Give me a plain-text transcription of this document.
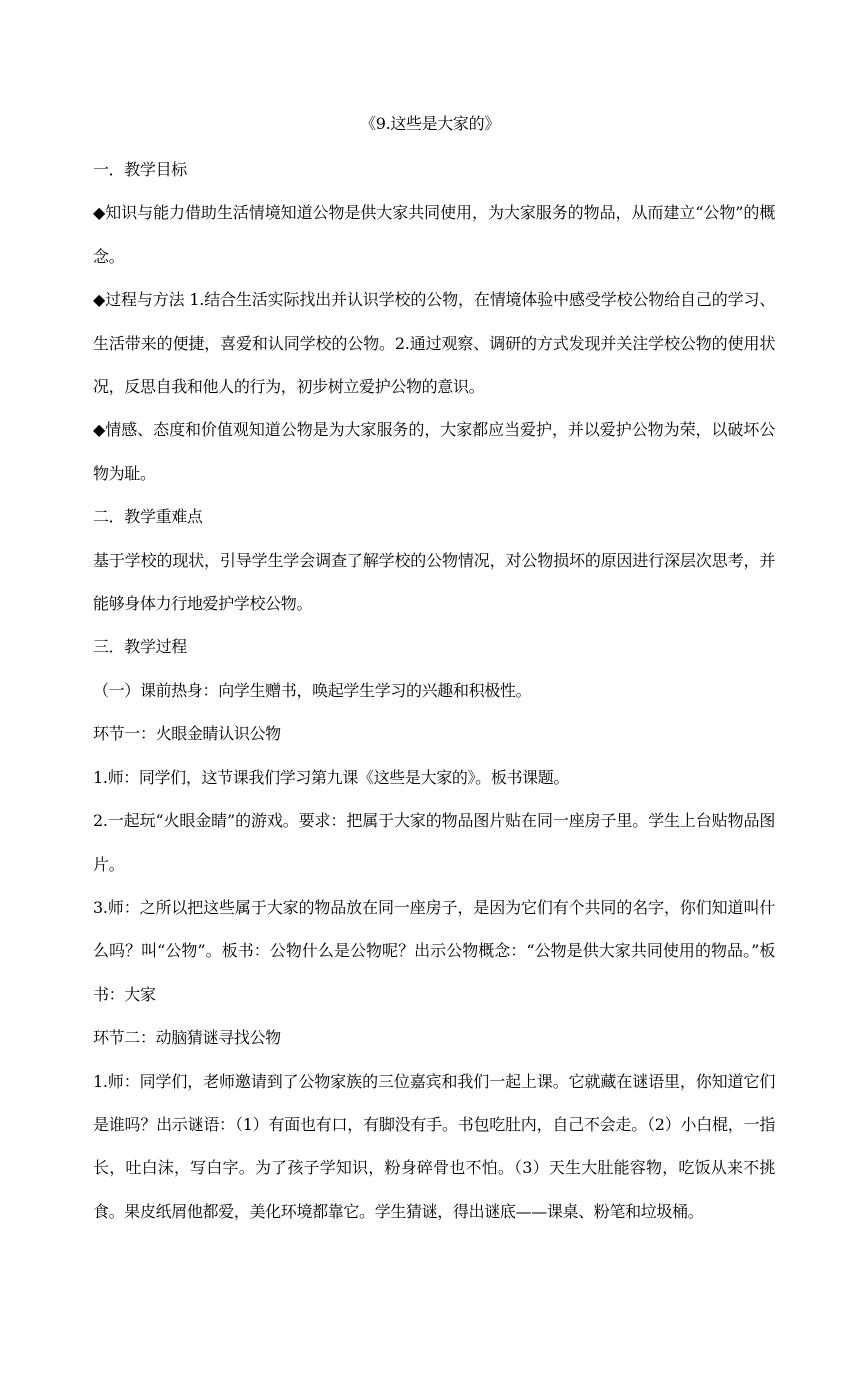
《9.这些是大家的》

一．教学目标

◆知识与能力借助生活情境知道公物是供大家共同使用，为大家服务的物品，从而建立“公物”的概念。

◆过程与方法 1.结合生活实际找出并认识学校的公物，在情境体验中感受学校公物给自己的学习、生活带来的便捷，喜爱和认同学校的公物。2.通过观察、调研的方式发现并关注学校公物的使用状况，反思自我和他人的行为，初步树立爱护公物的意识。

◆情感、态度和价值观知道公物是为大家服务的，大家都应当爱护，并以爱护公物为荣，以破坏公物为耻。

二．教学重难点

基于学校的现状，引导学生学会调查了解学校的公物情况，对公物损坏的原因进行深层次思考，并能够身体力行地爱护学校公物。

三．教学过程

（一）课前热身：向学生赠书，唤起学生学习的兴趣和积极性。

环节一：火眼金睛认识公物

1.师：同学们，这节课我们学习第九课《这些是大家的》。板书课题。

2.一起玩“火眼金睛”的游戏。要求：把属于大家的物品图片贴在同一座房子里。学生上台贴物品图片。

3.师：之所以把这些属于大家的物品放在同一座房子，是因为它们有个共同的名字，你们知道叫什么吗？叫“公物”。板书：公物什么是公物呢？出示公物概念：“公物是供大家共同使用的物品。”板书：大家

环节二：动脑猜谜寻找公物

1.师：同学们，老师邀请到了公物家族的三位嘉宾和我们一起上课。它就藏在谜语里，你知道它们是谁吗？出示谜语：（1）有面也有口，有脚没有手。书包吃肚内，自己不会走。（2）小白棍，一指长，吐白沫，写白字。为了孩子学知识，粉身碎骨也不怕。（3）天生大肚能容物，吃饭从来不挑食。果皮纸屑他都爱，美化环境都靠它。学生猜谜，得出谜底——课桌、粉笔和垃圾桶。
